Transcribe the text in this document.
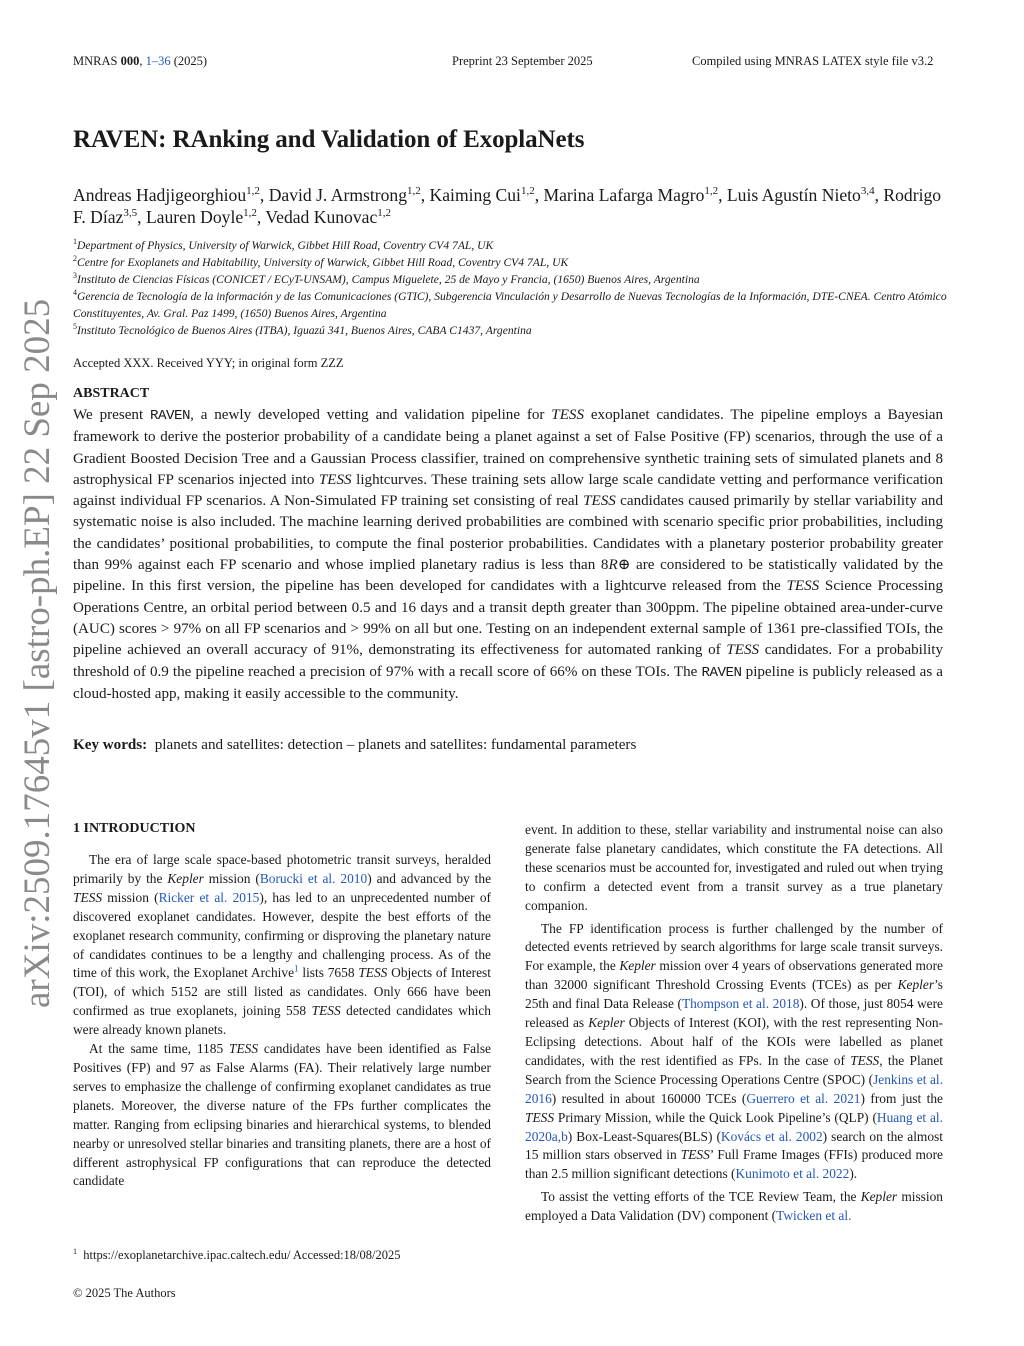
MNRAS 000, 1–36 (2025)	Preprint 23 September 2025	Compiled using MNRAS LATEX style file v3.2
RAVEN: RAnking and Validation of ExoplaNets
Andreas Hadjigeorghiou$^{1,2}$, David J. Armstrong$^{1,2}$, Kaiming Cui$^{1,2}$, Marina Lafarga Magro$^{1,2}$, Luis Agustín Nieto$^{3,4}$, Rodrigo F. Díaz$^{3,5}$, Lauren Doyle$^{1,2}$, Vedad Kunovac$^{1,2}$
$^1$Department of Physics, University of Warwick, Gibbet Hill Road, Coventry CV4 7AL, UK
$^2$Centre for Exoplanets and Habitability, University of Warwick, Gibbet Hill Road, Coventry CV4 7AL, UK
$^3$Instituto de Ciencias Físicas (CONICET / ECyT-UNSAM), Campus Miguelete, 25 de Mayo y Francia, (1650) Buenos Aires, Argentina
$^4$Gerencia de Tecnología de la información y de las Comunicaciones (GTIC), Subgerencia Vinculación y Desarrollo de Nuevas Tecnologías de la Información, DTE-CNEA. Centro Atómico Constituyentes, Av. Gral. Paz 1499, (1650) Buenos Aires, Argentina
$^5$Instituto Tecnológico de Buenos Aires (ITBA), Iguazú 341, Buenos Aires, CABA C1437, Argentina
Accepted XXX. Received YYY; in original form ZZZ
ABSTRACT
We present RAVEN, a newly developed vetting and validation pipeline for TESS exoplanet candidates. The pipeline employs a Bayesian framework to derive the posterior probability of a candidate being a planet against a set of False Positive (FP) scenarios, through the use of a Gradient Boosted Decision Tree and a Gaussian Process classifier, trained on comprehensive synthetic training sets of simulated planets and 8 astrophysical FP scenarios injected into TESS lightcurves. These training sets allow large scale candidate vetting and performance verification against individual FP scenarios. A Non-Simulated FP training set consisting of real TESS candidates caused primarily by stellar variability and systematic noise is also included. The machine learning derived probabilities are combined with scenario specific prior probabilities, including the candidates’ positional probabilities, to compute the final posterior probabilities. Candidates with a planetary posterior probability greater than 99% against each FP scenario and whose implied planetary radius is less than 8R⊕ are considered to be statistically validated by the pipeline. In this first version, the pipeline has been developed for candidates with a lightcurve released from the TESS Science Processing Operations Centre, an orbital period between 0.5 and 16 days and a transit depth greater than 300ppm. The pipeline obtained area-under-curve (AUC) scores > 97% on all FP scenarios and > 99% on all but one. Testing on an independent external sample of 1361 pre-classified TOIs, the pipeline achieved an overall accuracy of 91%, demonstrating its effectiveness for automated ranking of TESS candidates. For a probability threshold of 0.9 the pipeline reached a precision of 97% with a recall score of 66% on these TOIs. The RAVEN pipeline is publicly released as a cloud-hosted app, making it easily accessible to the community.
Key words: planets and satellites: detection – planets and satellites: fundamental parameters
arXiv:2509.17645v1 [astro-ph.EP] 22 Sep 2025 1 INTRODUCTION

The era of large scale space-based photometric transit surveys, heralded primarily by the Kepler mission (Borucki et al. 2010) and advanced by the TESS mission (Ricker et al. 2015), has led to an unprecedented number of discovered exoplanet candidates. However, despite the best efforts of the exoplanet research community, confirming or disproving the planetary nature of candidates continues to be a lengthy and challenging process. As of the time of this work, the Exoplanet Archive$^1$ lists 7658 TESS Objects of Interest (TOI), of which 5152 are still listed as candidates. Only 666 have been confirmed as true exoplanets, joining 558 TESS detected candidates which were already known planets.

At the same time, 1185 TESS candidates have been identified as False Positives (FP) and 97 as False Alarms (FA). Their relatively large number serves to emphasize the challenge of confirming exoplanet candidates as true planets. Moreover, the diverse nature of the FPs further complicates the matter. Ranging from eclipsing binaries and hierarchical systems, to blended nearby or unresolved stellar binaries and transiting planets, there are a host of different astrophysical FP configurations that can reproduce the detected candidate

event. In addition to these, stellar variability and instrumental noise can also generate false planetary candidates, which constitute the FA detections. All these scenarios must be accounted for, investigated and ruled out when trying to confirm a detected event from a transit survey as a true planetary companion.

The FP identification process is further challenged by the number of detected events retrieved by search algorithms for large scale transit surveys. For example, the Kepler mission over 4 years of observations generated more than 32000 significant Threshold Crossing Events (TCEs) as per Kepler’s 25th and final Data Release (Thompson et al. 2018). Of those, just 8054 were released as Kepler Objects of Interest (KOI), with the rest representing Non-Eclipsing detections. About half of the KOIs were labelled as planet candidates, with the rest identified as FPs. In the case of TESS, the Planet Search from the Science Processing Operations Centre (SPOC) (Jenkins et al. 2016) resulted in about 160000 TCEs (Guerrero et al. 2021) from just the TESS Primary Mission, while the Quick Look Pipeline’s (QLP) (Huang et al. 2020a,b) Box-Least-Squares(BLS) (Kovács et al. 2002) search on the almost 15 million stars observed in TESS’ Full Frame Images (FFIs) produced more than 2.5 million significant detections (Kunimoto et al. 2022).

To assist the vetting efforts of the TCE Review Team, the Kepler mission employed a Data Validation (DV) component (Twicken et al.

$^1$ https://exoplanetarchive.ipac.caltech.edu/ Accessed:18/08/2025
© 2025 The Authors
